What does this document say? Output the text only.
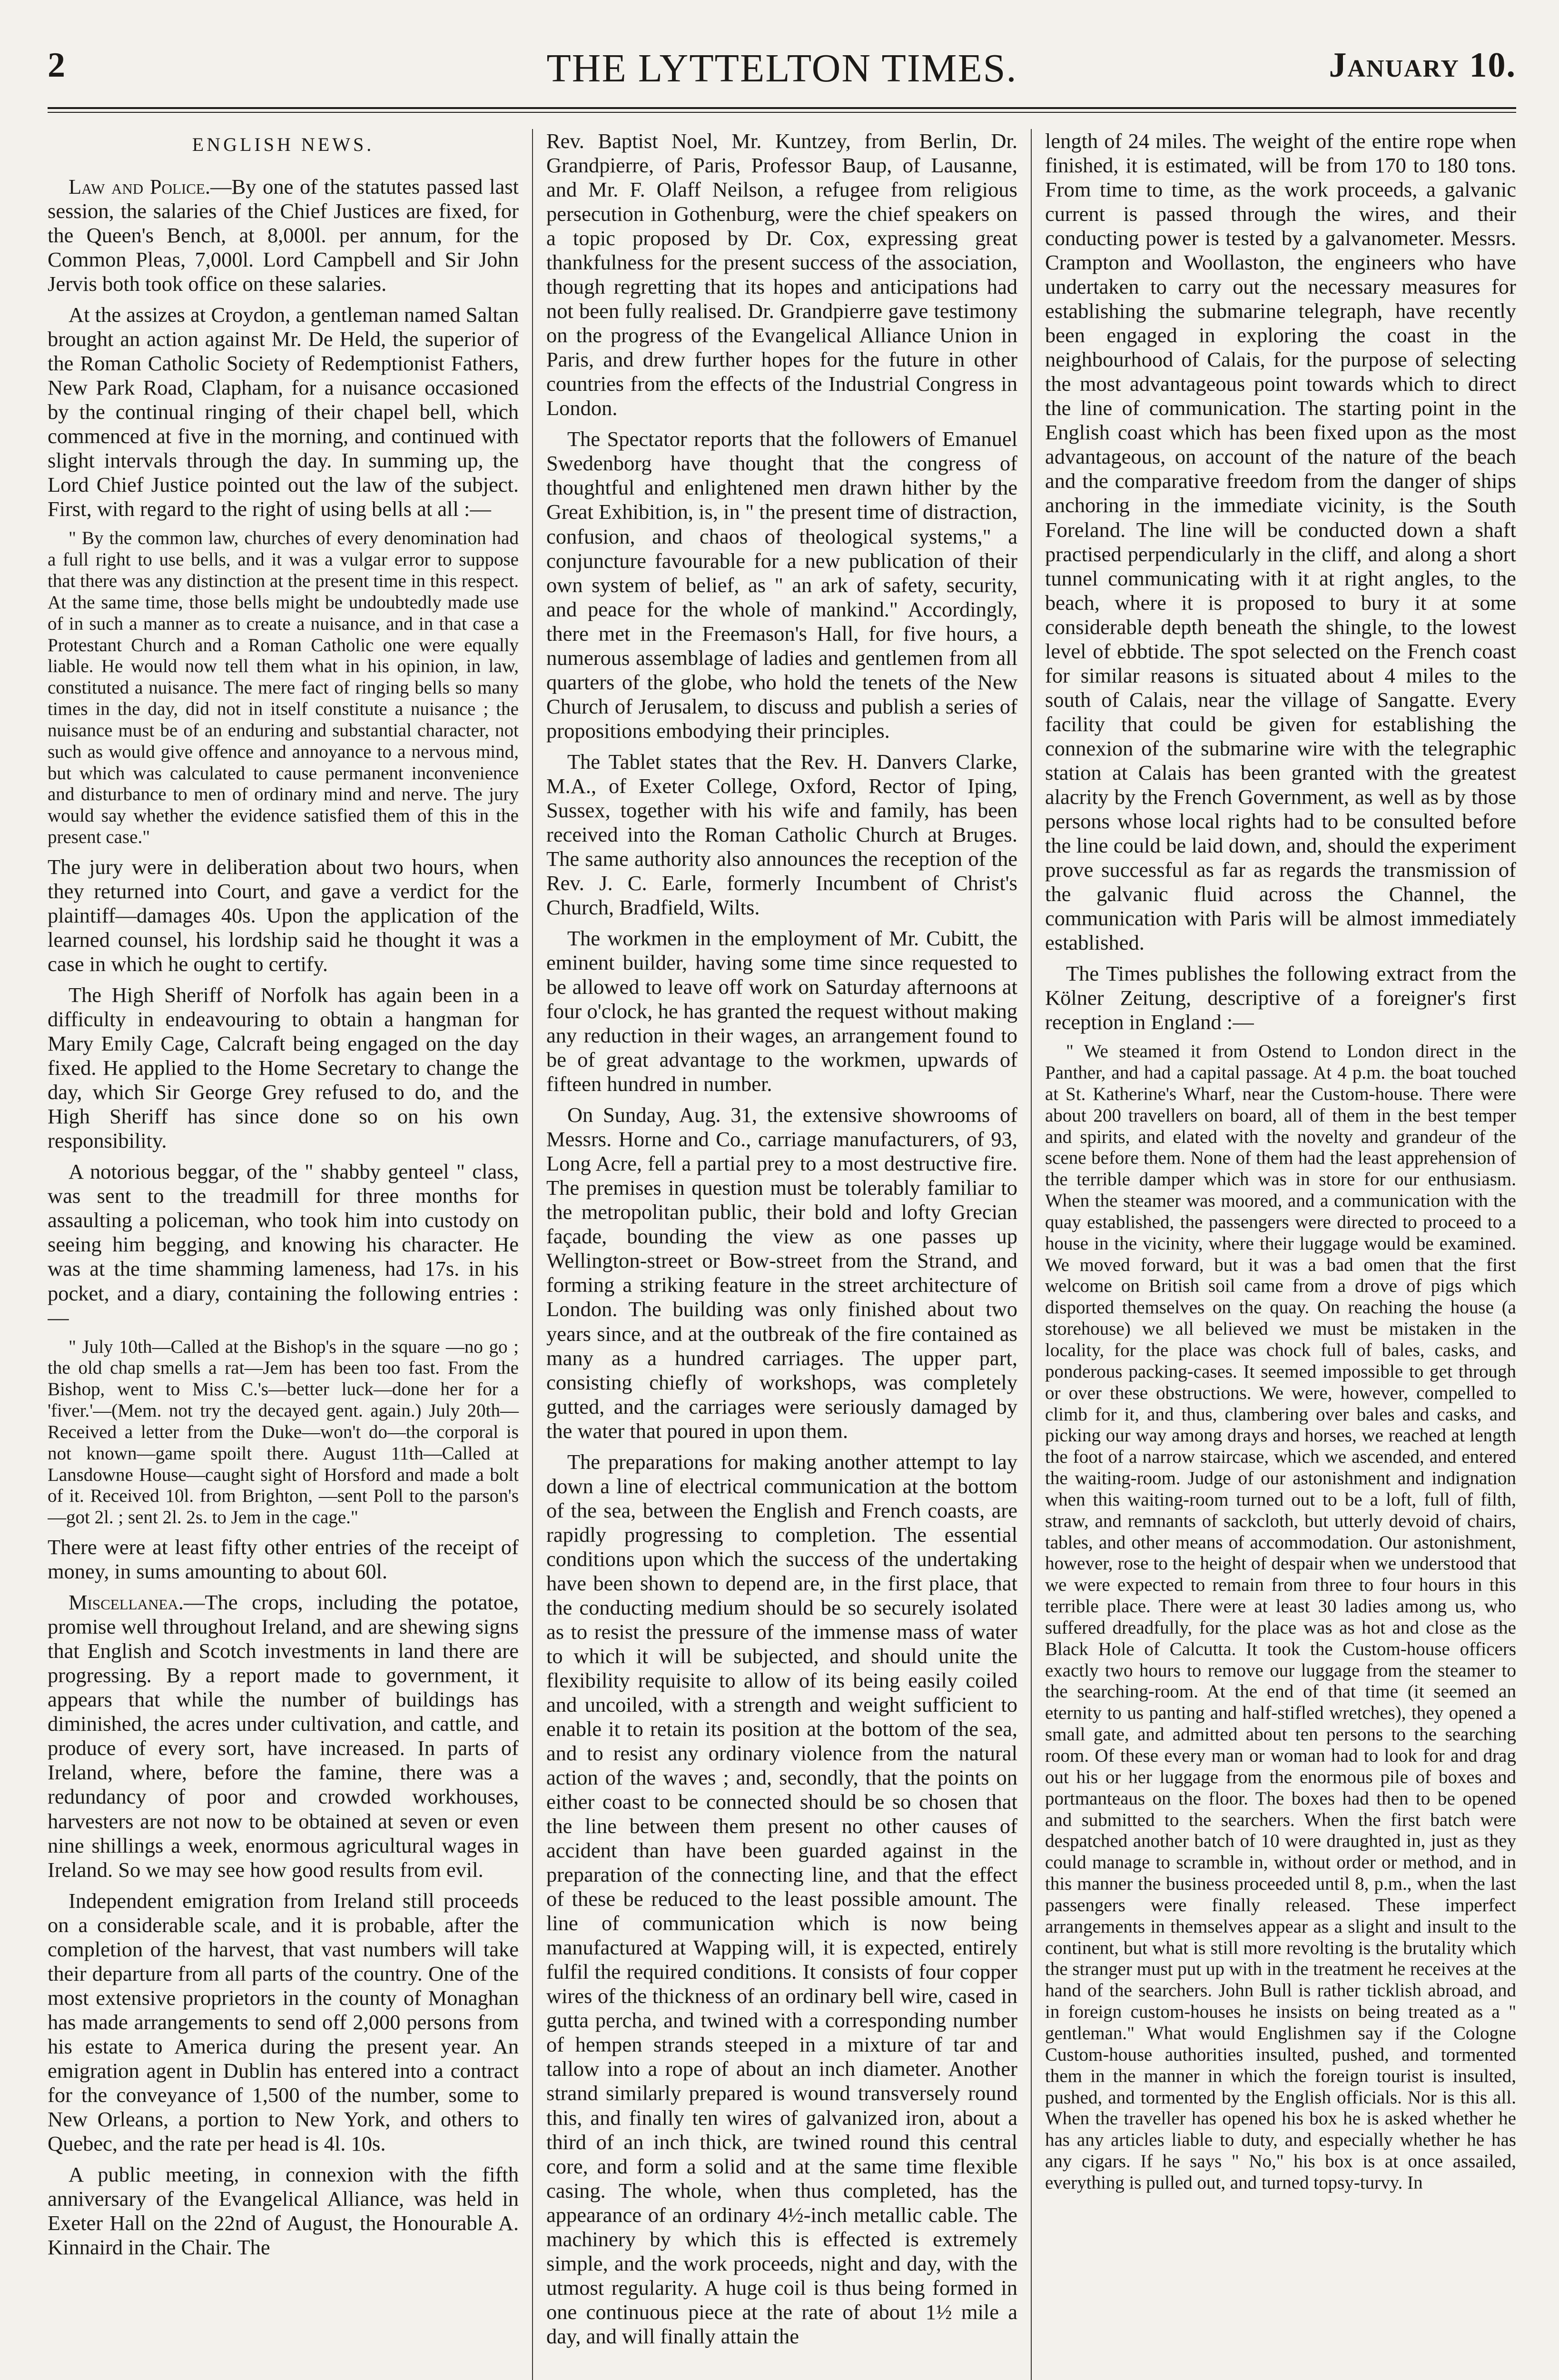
2	THE LYTTELTON TIMES.	January 10.
ENGLISH NEWS.

Law and Police.—By one of the statutes passed last session, the salaries of the Chief Justices are fixed, for the Queen's Bench, at 8,000l. per annum, for the Common Pleas, 7,000l. Lord Campbell and Sir John Jervis both took office on these salaries.

At the assizes at Croydon, a gentleman named Saltan brought an action against Mr. De Held, the superior of the Roman Catholic Society of Redemptionist Fathers, New Park Road, Clapham, for a nuisance occasioned by the continual ringing of their chapel bell, which commenced at five in the morning, and continued with slight intervals through the day. In summing up, the Lord Chief Justice pointed out the law of the subject. First, with regard to the right of using bells at all :—

" By the common law, churches of every denomination had a full right to use bells, and it was a vulgar error to suppose that there was any distinction at the present time in this respect. At the same time, those bells might be undoubtedly made use of in such a manner as to create a nuisance, and in that case a Protestant Church and a Roman Catholic one were equally liable. He would now tell them what in his opinion, in law, constituted a nuisance. The mere fact of ringing bells so many times in the day, did not in itself constitute a nuisance ; the nuisance must be of an enduring and substantial character, not such as would give offence and annoyance to a nervous mind, but which was calculated to cause permanent inconvenience and disturbance to men of ordinary mind and nerve. The jury would say whether the evidence satisfied them of this in the present case."

The jury were in deliberation about two hours, when they returned into Court, and gave a verdict for the plaintiff—damages 40s. Upon the application of the learned counsel, his lordship said he thought it was a case in which he ought to certify.

The High Sheriff of Norfolk has again been in a difficulty in endeavouring to obtain a hangman for Mary Emily Cage, Calcraft being engaged on the day fixed. He applied to the Home Secretary to change the day, which Sir George Grey refused to do, and the High Sheriff has since done so on his own responsibility.

A notorious beggar, of the " shabby genteel " class, was sent to the treadmill for three months for assaulting a policeman, who took him into custody on seeing him begging, and knowing his character. He was at the time shamming lameness, had 17s. in his pocket, and a diary, containing the following entries :—

" July 10th—Called at the Bishop's in the square —no go ; the old chap smells a rat—Jem has been too fast. From the Bishop, went to Miss C.'s—better luck—done her for a 'fiver.'—(Mem. not try the decayed gent. again.) July 20th—Received a letter from the Duke—won't do—the corporal is not known—game spoilt there. August 11th—Called at Lansdowne House—caught sight of Horsford and made a bolt of it. Received 10l. from Brighton, —sent Poll to the parson's—got 2l. ; sent 2l. 2s. to Jem in the cage."

There were at least fifty other entries of the receipt of money, in sums amounting to about 60l.

Miscellanea.—The crops, including the potatoe, promise well throughout Ireland, and are shewing signs that English and Scotch investments in land there are progressing. By a report made to government, it appears that while the number of buildings has diminished, the acres under cultivation, and cattle, and produce of every sort, have increased. In parts of Ireland, where, before the famine, there was a redundancy of poor and crowded workhouses, harvesters are not now to be obtained at seven or even nine shillings a week, enormous agricultural wages in Ireland. So we may see how good results from evil.

Independent emigration from Ireland still proceeds on a considerable scale, and it is probable, after the completion of the harvest, that vast numbers will take their departure from all parts of the country. One of the most extensive proprietors in the county of Monaghan has made arrangements to send off 2,000 persons from his estate to America during the present year. An emigration agent in Dublin has entered into a contract for the conveyance of 1,500 of the number, some to New Orleans, a portion to New York, and others to Quebec, and the rate per head is 4l. 10s.

A public meeting, in connexion with the fifth anniversary of the Evangelical Alliance, was held in Exeter Hall on the 22nd of August, the Honourable A. Kinnaird in the Chair. The

Rev. Baptist Noel, Mr. Kuntzey, from Berlin, Dr. Grandpierre, of Paris, Professor Baup, of Lausanne, and Mr. F. Olaff Neilson, a refugee from religious persecution in Gothenburg, were the chief speakers on a topic proposed by Dr. Cox, expressing great thankfulness for the present success of the association, though regretting that its hopes and anticipations had not been fully realised. Dr. Grandpierre gave testimony on the progress of the Evangelical Alliance Union in Paris, and drew further hopes for the future in other countries from the effects of the Industrial Congress in London.

The Spectator reports that the followers of Emanuel Swedenborg have thought that the congress of thoughtful and enlightened men drawn hither by the Great Exhibition, is, in " the present time of distraction, confusion, and chaos of theological systems," a conjuncture favourable for a new publication of their own system of belief, as " an ark of safety, security, and peace for the whole of mankind." Accordingly, there met in the Freemason's Hall, for five hours, a numerous assemblage of ladies and gentlemen from all quarters of the globe, who hold the tenets of the New Church of Jerusalem, to discuss and publish a series of propositions embodying their principles.

The Tablet states that the Rev. H. Danvers Clarke, M.A., of Exeter College, Oxford, Rector of Iping, Sussex, together with his wife and family, has been received into the Roman Catholic Church at Bruges. The same authority also announces the reception of the Rev. J. C. Earle, formerly Incumbent of Christ's Church, Bradfield, Wilts.

The workmen in the employment of Mr. Cubitt, the eminent builder, having some time since requested to be allowed to leave off work on Saturday afternoons at four o'clock, he has granted the request without making any reduction in their wages, an arrangement found to be of great advantage to the workmen, upwards of fifteen hundred in number.

On Sunday, Aug. 31, the extensive showrooms of Messrs. Horne and Co., carriage manufacturers, of 93, Long Acre, fell a partial prey to a most destructive fire. The premises in question must be tolerably familiar to the metropolitan public, their bold and lofty Grecian façade, bounding the view as one passes up Wellington-street or Bow-street from the Strand, and forming a striking feature in the street architecture of London. The building was only finished about two years since, and at the outbreak of the fire contained as many as a hundred carriages. The upper part, consisting chiefly of workshops, was completely gutted, and the carriages were seriously damaged by the water that poured in upon them.

The preparations for making another attempt to lay down a line of electrical communication at the bottom of the sea, between the English and French coasts, are rapidly progressing to completion. The essential conditions upon which the success of the undertaking have been shown to depend are, in the first place, that the conducting medium should be so securely isolated as to resist the pressure of the immense mass of water to which it will be subjected, and should unite the flexibility requisite to allow of its being easily coiled and uncoiled, with a strength and weight sufficient to enable it to retain its position at the bottom of the sea, and to resist any ordinary violence from the natural action of the waves ; and, secondly, that the points on either coast to be connected should be so chosen that the line between them present no other causes of accident than have been guarded against in the preparation of the connecting line, and that the effect of these be reduced to the least possible amount. The line of communication which is now being manufactured at Wapping will, it is expected, entirely fulfil the required conditions. It consists of four copper wires of the thickness of an ordinary bell wire, cased in gutta percha, and twined with a corresponding number of hempen strands steeped in a mixture of tar and tallow into a rope of about an inch diameter. Another strand similarly prepared is wound transversely round this, and finally ten wires of galvanized iron, about a third of an inch thick, are twined round this central core, and form a solid and at the same time flexible casing. The whole, when thus completed, has the appearance of an ordinary 4½-inch metallic cable. The machinery by which this is effected is extremely simple, and the work proceeds, night and day, with the utmost regularity. A huge coil is thus being formed in one continuous piece at the rate of about 1½ mile a day, and will finally attain the

length of 24 miles. The weight of the entire rope when finished, it is estimated, will be from 170 to 180 tons. From time to time, as the work proceeds, a galvanic current is passed through the wires, and their conducting power is tested by a galvanometer. Messrs. Crampton and Woollaston, the engineers who have undertaken to carry out the necessary measures for establishing the submarine telegraph, have recently been engaged in exploring the coast in the neighbourhood of Calais, for the purpose of selecting the most advantageous point towards which to direct the line of communication. The starting point in the English coast which has been fixed upon as the most advantageous, on account of the nature of the beach and the comparative freedom from the danger of ships anchoring in the immediate vicinity, is the South Foreland. The line will be conducted down a shaft practised perpendicularly in the cliff, and along a short tunnel communicating with it at right angles, to the beach, where it is proposed to bury it at some considerable depth beneath the shingle, to the lowest level of ebbtide. The spot selected on the French coast for similar reasons is situated about 4 miles to the south of Calais, near the village of Sangatte. Every facility that could be given for establishing the connexion of the submarine wire with the telegraphic station at Calais has been granted with the greatest alacrity by the French Government, as well as by those persons whose local rights had to be consulted before the line could be laid down, and, should the experiment prove successful as far as regards the transmission of the galvanic fluid across the Channel, the communication with Paris will be almost immediately established.

The Times publishes the following extract from the Kölner Zeitung, descriptive of a foreigner's first reception in England :—

" We steamed it from Ostend to London direct in the Panther, and had a capital passage. At 4 p.m. the boat touched at St. Katherine's Wharf, near the Custom-house. There were about 200 travellers on board, all of them in the best temper and spirits, and elated with the novelty and grandeur of the scene before them. None of them had the least apprehension of the terrible damper which was in store for our enthusiasm. When the steamer was moored, and a communication with the quay established, the passengers were directed to proceed to a house in the vicinity, where their luggage would be examined. We moved forward, but it was a bad omen that the first welcome on British soil came from a drove of pigs which disported themselves on the quay. On reaching the house (a storehouse) we all believed we must be mistaken in the locality, for the place was chock full of bales, casks, and ponderous packing-cases. It seemed impossible to get through or over these obstructions. We were, however, compelled to climb for it, and thus, clambering over bales and casks, and picking our way among drays and horses, we reached at length the foot of a narrow staircase, which we ascended, and entered the waiting-room. Judge of our astonishment and indignation when this waiting-room turned out to be a loft, full of filth, straw, and remnants of sackcloth, but utterly devoid of chairs, tables, and other means of accommodation. Our astonishment, however, rose to the height of despair when we understood that we were expected to remain from three to four hours in this terrible place. There were at least 30 ladies among us, who suffered dreadfully, for the place was as hot and close as the Black Hole of Calcutta. It took the Custom-house officers exactly two hours to remove our luggage from the steamer to the searching-room. At the end of that time (it seemed an eternity to us panting and half-stifled wretches), they opened a small gate, and admitted about ten persons to the searching room. Of these every man or woman had to look for and drag out his or her luggage from the enormous pile of boxes and portmanteaus on the floor. The boxes had then to be opened and submitted to the searchers. When the first batch were despatched another batch of 10 were draughted in, just as they could manage to scramble in, without order or method, and in this manner the business proceeded until 8, p.m., when the last passengers were finally released. These imperfect arrangements in themselves appear as a slight and insult to the continent, but what is still more revolting is the brutality which the stranger must put up with in the treatment he receives at the hand of the searchers. John Bull is rather ticklish abroad, and in foreign custom-houses he insists on being treated as a " gentleman." What would Englishmen say if the Cologne Custom-house authorities insulted, pushed, and tormented them in the manner in which the foreign tourist is insulted, pushed, and tormented by the English officials. Nor is this all. When the traveller has opened his box he is asked whether he has any articles liable to duty, and especially whether he has any cigars. If he says " No," his box is at once assailed, everything is pulled out, and turned topsy-turvy. In
